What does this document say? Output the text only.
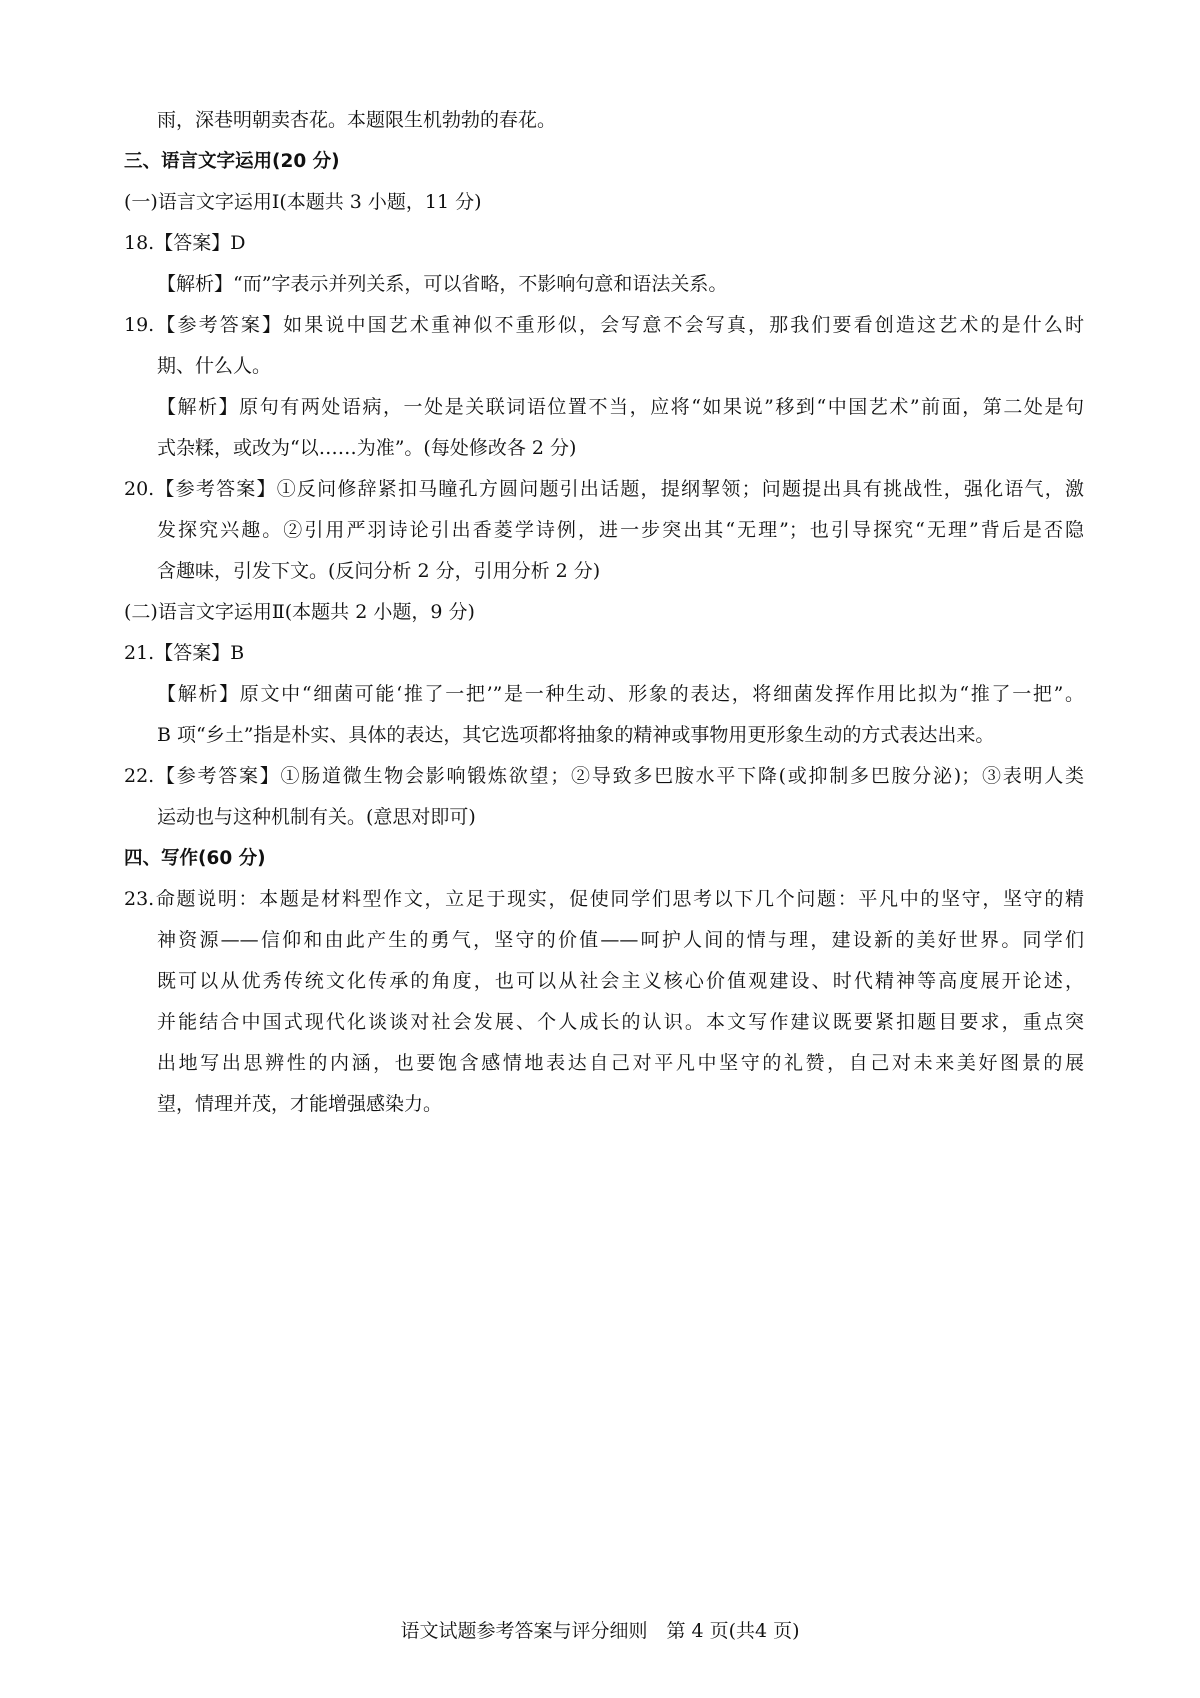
雨，深巷明朝卖杏花。本题限生机勃勃的春花。
三、语言文字运用(20 分)
(一)语言文字运用Ⅰ(本题共 3 小题，11 分)
18.【答案】D
【解析】“而”字表示并列关系，可以省略，不影响句意和语法关系。
19.【参考答案】如果说中国艺术重神似不重形似，会写意不会写真，那我们要看创造这艺术的是什么时
期、什么人。
【解析】原句有两处语病，一处是关联词语位置不当，应将“如果说”移到“中国艺术”前面，第二处是句
式杂糅，或改为“以……为准”。(每处修改各 2 分)
20.【参考答案】①反问修辞紧扣马瞳孔方圆问题引出话题，提纲挈领；问题提出具有挑战性，强化语气，激
发探究兴趣。②引用严羽诗论引出香菱学诗例，进一步突出其“无理”；也引导探究“无理”背后是否隐
含趣味，引发下文。(反问分析 2 分，引用分析 2 分)
(二)语言文字运用Ⅱ(本题共 2 小题，9 分)
21.【答案】B
【解析】原文中“细菌可能‘推了一把’”是一种生动、形象的表达，将细菌发挥作用比拟为“推了一把”。
B 项“乡土”指是朴实、具体的表达，其它选项都将抽象的精神或事物用更形象生动的方式表达出来。
22.【参考答案】①肠道微生物会影响锻炼欲望；②导致多巴胺水平下降(或抑制多巴胺分泌)；③表明人类
运动也与这种机制有关。(意思对即可)
四、写作(60 分)
23.命题说明：本题是材料型作文，立足于现实，促使同学们思考以下几个问题：平凡中的坚守，坚守的精
神资源——信仰和由此产生的勇气，坚守的价值——呵护人间的情与理，建设新的美好世界。同学们
既可以从优秀传统文化传承的角度，也可以从社会主义核心价值观建设、时代精神等高度展开论述，
并能结合中国式现代化谈谈对社会发展、个人成长的认识。本文写作建议既要紧扣题目要求，重点突
出地写出思辨性的内涵，也要饱含感情地表达自己对平凡中坚守的礼赞，自己对未来美好图景的展
望，情理并茂，才能增强感染力。
语文试题参考答案与评分细则　第 4 页(共4 页)
